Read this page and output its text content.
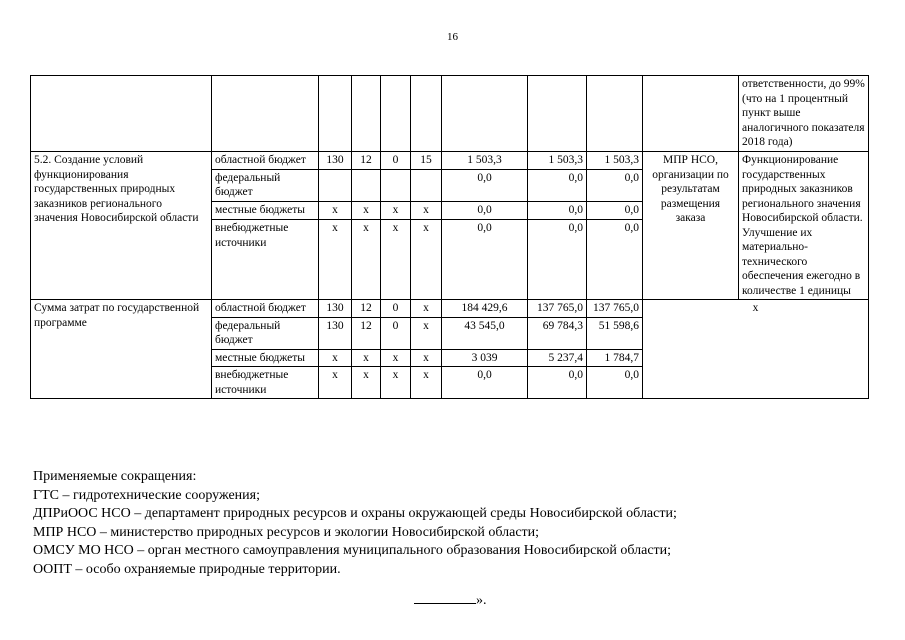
16
										ответственности, до 99% (что на 1 процентный пункт выше аналогичного показателя 2018 года)
5.2. Создание условий функционирования государственных природных заказников регионального значения Новосибирской области	областной бюджет	130	12	0	15	1 503,3	1 503,3	1 503,3	МПР НСО, организации по результатам размещения заказа	Функционирование государственных природных заказников регионального значения Новосибирской области. Улучшение их материально-технического обеспечения ежегодно в количестве 1 единицы
	федеральный бюджет					0,0	0,0	0,0		
	местные бюджеты	х	х	х	х	0,0	0,0	0,0		
	внебюджетные источники	х	х	х	х	0,0	0,0	0,0		
Сумма затрат по государственной программе	областной бюджет	130	12	0	х	184 429,6	137 765,0	137 765,0	х	
	федеральный бюджет	130	12	0	х	43 545,0	69 784,3	51 598,6		
	местные бюджеты	х	х	х	х	3 039	5 237,4	1 784,7		
	внебюджетные источники	х	х	х	х	0,0	0,0	0,0		
Применяемые сокращения:
ГТС – гидротехнические сооружения;
ДПРиООС НСО – департамент природных ресурсов и охраны окружающей среды Новосибирской области;
МПР НСО – министерство природных ресурсов и экологии Новосибирской области;
ОМСУ МО НСО – орган местного самоуправления муниципального образования Новосибирской области;
ООПТ – особо охраняемые природные территории.
».
